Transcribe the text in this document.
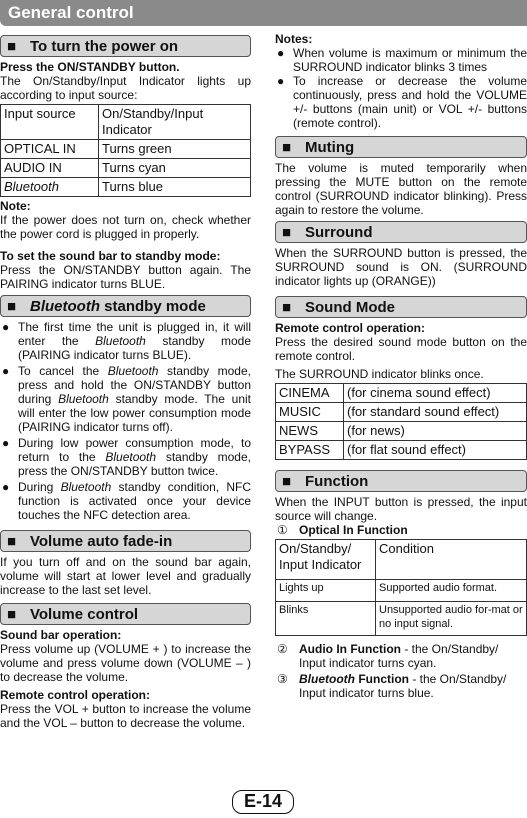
General control
■ To turn the power on
Press the ON/STANDBY button.
The On/Standby/Input Indicator lights up according to input source:
Input source	On/Standby/Input Indicator
OPTICAL IN	Turns green
AUDIO IN	Turns cyan
Bluetooth	Turns blue
Note:
If the power does not turn on, check whether the power cord is plugged in properly.
To set the sound bar to standby mode:
Press the ON/STANDBY button again. The PAIRING indicator turns BLUE.
■ Bluetooth standby mode
● The first time the unit is plugged in, it will enter the Bluetooth standby mode (PAIRING indicator turns BLUE).
● To cancel the Bluetooth standby mode, press and hold the ON/STANDBY button during Bluetooth standby mode. The unit will enter the low power consumption mode (PAIRING indicator turns off).
● During low power consumption mode, to return to the Bluetooth standby mode, press the ON/STANDBY button twice.
● During Bluetooth standby condition, NFC function is activated once your device touches the NFC detection area.
■ Volume auto fade-in
If you turn off and on the sound bar again, volume will start at lower level and gradually increase to the last set level.
■ Volume control
Sound bar operation:
Press volume up (VOLUME + ) to increase the volume and press volume down (VOLUME – ) to decrease the volume.
Remote control operation:
Press the VOL + button to increase the volume and the VOL – button to decrease the volume.
Notes:
● When volume is maximum or minimum the SURROUND indicator blinks 3 times
● To increase or decrease the volume continuously, press and hold the VOLUME +/- buttons (main unit) or VOL +/- buttons (remote control).
■ Muting
The volume is muted temporarily when pressing the MUTE button on the remote control (SURROUND indicator blinking). Press again to restore the volume.
■ Surround
When the SURROUND button is pressed, the SURROUND sound is ON. (SURROUND indicator lights up (ORANGE))
■ Sound Mode
Remote control operation:
Press the desired sound mode button on the remote control.
The SURROUND indicator blinks once.
CINEMA	(for cinema sound effect)
MUSIC	(for standard sound effect)
NEWS	(for news)
BYPASS	(for flat sound effect)
■ Function
When the INPUT button is pressed, the input source will change.
① Optical In Function
On/Standby/ Input Indicator	Condition
Lights up	Supported audio format.
Blinks	Unsupported audio for-mat or no input signal.
② Audio In Function - the On/Standby/ Input indicator turns cyan.
③ Bluetooth Function - the On/Standby/ Input indicator turns blue.
E-14
